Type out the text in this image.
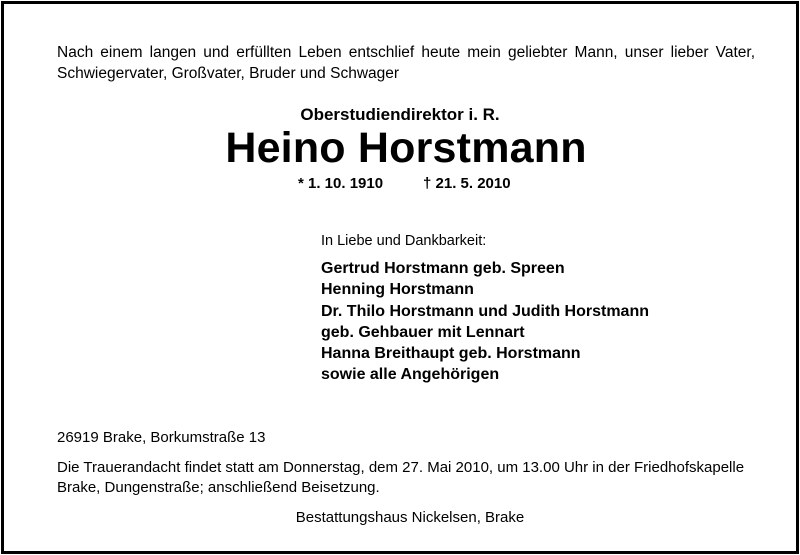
Nach einem langen und erfüllten Leben entschlief heute mein geliebter Mann, unser lieber Vater, Schwiegervater, Großvater, Bruder und Schwager
Oberstudiendirektor i. R.
Heino Horstmann
* 1. 10. 1910	† 21. 5. 2010
In Liebe und Dankbarkeit:
Gertrud Horstmann geb. Spreen
Henning Horstmann
Dr. Thilo Horstmann und Judith Horstmann
geb. Gehbauer mit Lennart
Hanna Breithaupt geb. Horstmann
sowie alle Angehörigen
26919 Brake, Borkumstraße 13
Die Trauerandacht findet statt am Donnerstag, dem 27. Mai 2010, um 13.00 Uhr in der Friedhofskapelle Brake, Dungenstraße; anschließend Beisetzung.
Bestattungshaus Nickelsen, Brake
